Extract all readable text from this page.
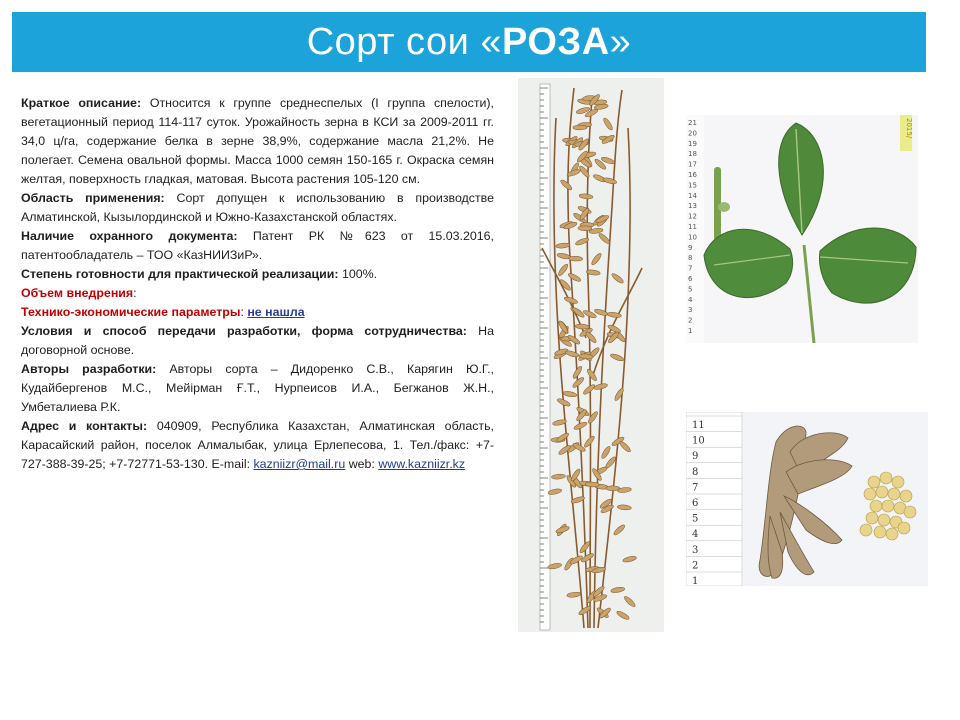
Сорт сои «РОЗА»

Краткое описание: Относится к группе среднеспелых (I группа спелости), вегетационный период 114-117 суток. Урожайность зерна в КСИ за 2009-2011 гг. 34,0 ц/га, содержание белка в зерне 38,9%, содержание масла 21,2%. Не полегает. Семена овальной формы. Масса 1000 семян 150-165 г. Окраска семян желтая, поверхность гладкая, матовая. Высота растения 105-120 см.

Область применения: Сорт допущен к использованию в производстве Алматинской, Кызылординской и Южно-Казахстанской областях.

Наличие охранного документа: Патент РК №623 от 15.03.2016, патентообладатель – ТОО «КазНИИЗиР».

Степень готовности для практической реализации: 100%.

Объем внедрения:

Технико-экономические параметры: не нашла

Условия и способ передачи разработки, форма сотрудничества: На договорной основе.

Авторы разработки: Авторы сорта – Дидоренко С.В., Карягин Ю.Г., Кудайбергенов М.С., Мейірман Ғ.Т., Нурпеисов И.А., Бегжанов Ж.Н., Умбеталиева Р.К.

Адрес и контакты: 040909, Республика Казахстан, Алматинская область, Карасайский район, поселок Алмалыбак, улица Ерлепесова, 1. Тел./факс: +7-727-388-39-25; +7-72771-53-130. E-mail: kazniizr@mail.ru web: www.kazniizr.kz

21
20
19
18
17
16
15
14
13
12
11
10
9
8
7
6
5
4
3
2
1
2015/
11
10
9
8
7
6
5
4
3
2
1
